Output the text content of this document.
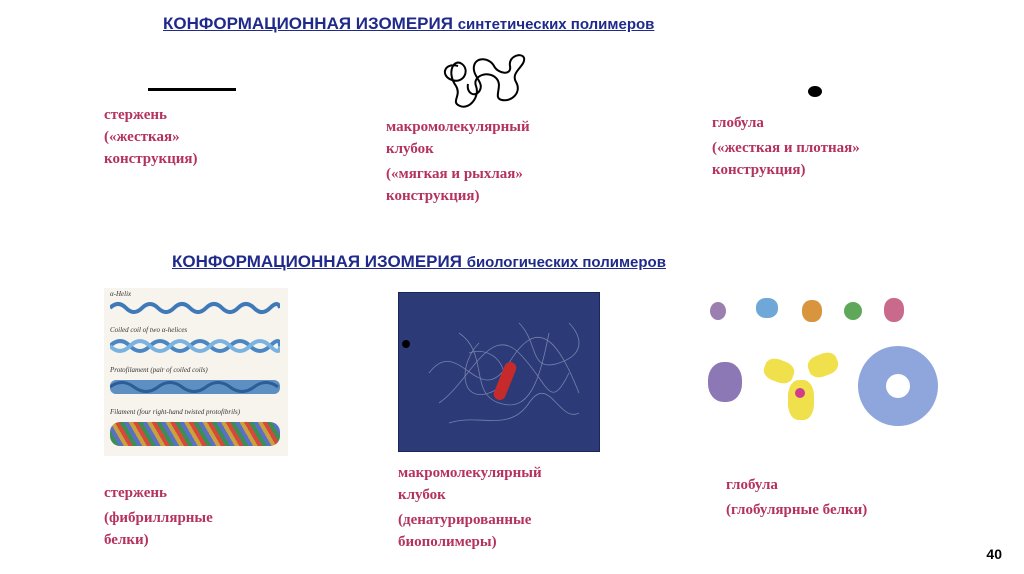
КОНФОРМАЦИОННАЯ ИЗОМЕРИЯ синтетических полимеров
стержень
(«жесткая»
конструкция)
макромолекулярный
клубок
(«мягкая и рыхлая»
конструкция)
глобула
(«жесткая и плотная»
конструкция)
КОНФОРМАЦИОННАЯ ИЗОМЕРИЯ биологических полимеров
α-Helix
Coiled coil of two α-helices
Protofilament (pair of coiled coils)
Filament (four right-hand twisted protofibrils)
стержень
(фибриллярные
белки)
макромолекулярный
клубок
(денатурированные
биополимеры)
глобула
(глобулярные белки)
40
